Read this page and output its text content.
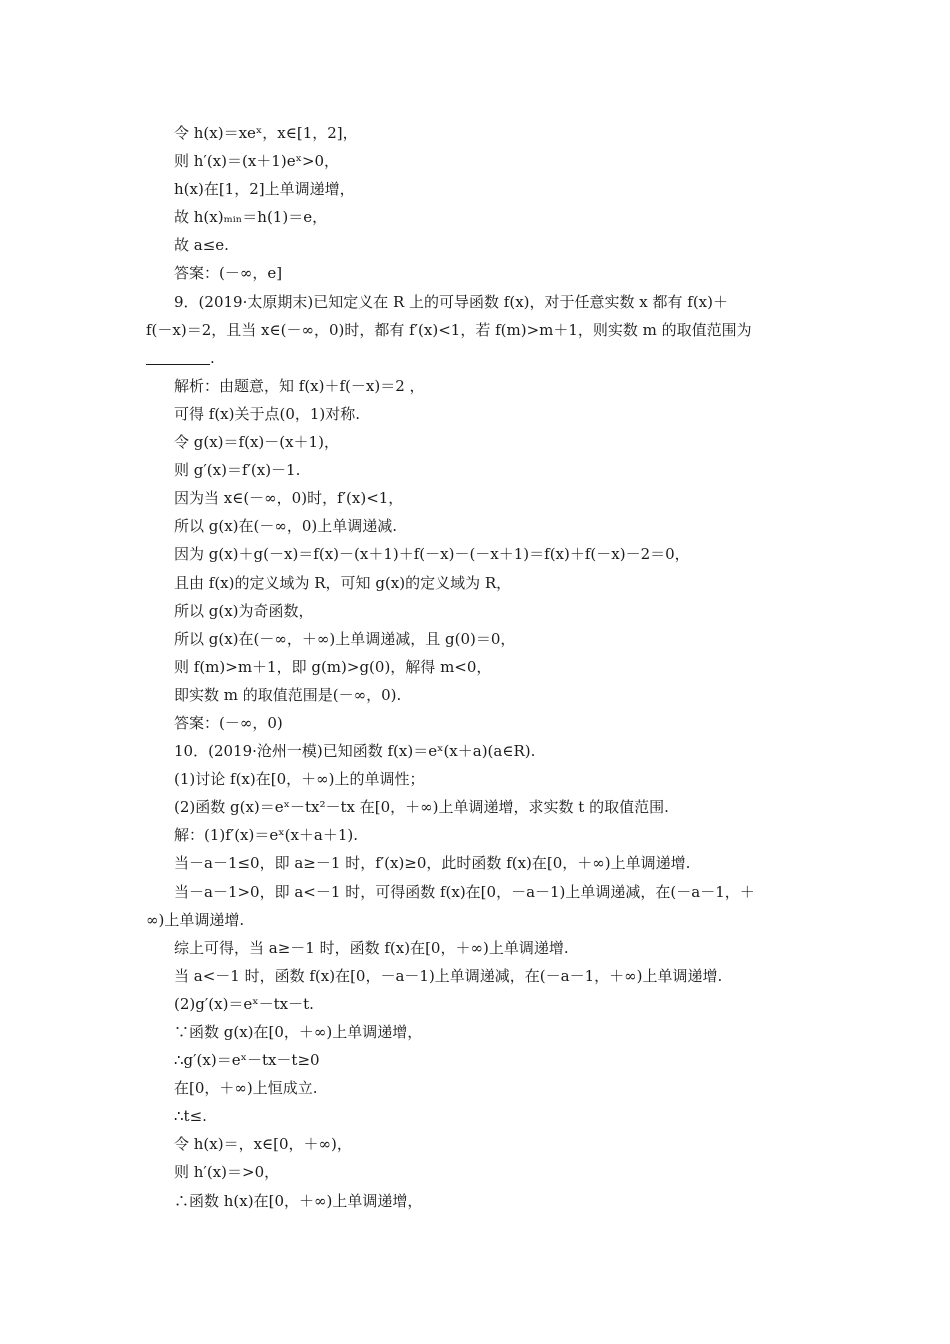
令 h(x)＝xeˣ，x∈[1，2]，
则 h′(x)＝(x＋1)eˣ>0，
h(x)在[1，2]上单调递增，
故 h(x)ₘᵢₙ＝h(1)＝e，
故 a≤e.
答案：(－∞，e]
9．(2019·太原期末)已知定义在 R 上的可导函数 f(x)，对于任意实数 x 都有 f(x)＋
f(－x)＝2，且当 x∈(－∞，0)时，都有 f′(x)<1，若 f(m)>m＋1，则实数 m 的取值范围为
.
解析：由题意，知 f(x)＋f(－x)＝2 ，
可得 f(x)关于点(0，1)对称.
令 g(x)＝f(x)－(x＋1)，
则 g′(x)＝f′(x)－1.
因为当 x∈(－∞，0)时，f′(x)<1，
所以 g(x)在(－∞，0)上单调递减.
因为 g(x)＋g(－x)＝f(x)－(x＋1)＋f(－x)－(－x＋1)＝f(x)＋f(－x)－2＝0，
且由 f(x)的定义域为 R，可知 g(x)的定义域为 R，
所以 g(x)为奇函数，
所以 g(x)在(－∞，＋∞)上单调递减，且 g(0)＝0，
则 f(m)>m＋1，即 g(m)>g(0)，解得 m<0，
即实数 m 的取值范围是(－∞，0).
答案：(－∞，0)
10．(2019·沧州一模)已知函数 f(x)＝eˣ(x＋a)(a∈R).
(1)讨论 f(x)在[0，＋∞)上的单调性；
(2)函数 g(x)＝eˣ－tx²－tx 在[0，＋∞)上单调递增，求实数 t 的取值范围.
解：(1)f′(x)＝eˣ(x＋a＋1).
当－a－1≤0，即 a≥－1 时，f′(x)≥0，此时函数 f(x)在[0，＋∞)上单调递增.
当－a－1>0，即 a<－1 时，可得函数 f(x)在[0，－a－1)上单调递减，在(－a－1，＋
∞)上单调递增.
综上可得，当 a≥－1 时，函数 f(x)在[0，＋∞)上单调递增.
当 a<－1 时，函数 f(x)在[0，－a－1)上单调递减，在(－a－1，＋∞)上单调递增.
(2)g′(x)＝eˣ－tx－t.
∵函数 g(x)在[0，＋∞)上单调递增，
∴g′(x)＝eˣ－tx－t≥0
在[0，＋∞)上恒成立.
∴t≤.
令 h(x)＝，x∈[0，＋∞)，
则 h′(x)＝>0，
∴函数 h(x)在[0，＋∞)上单调递增，
